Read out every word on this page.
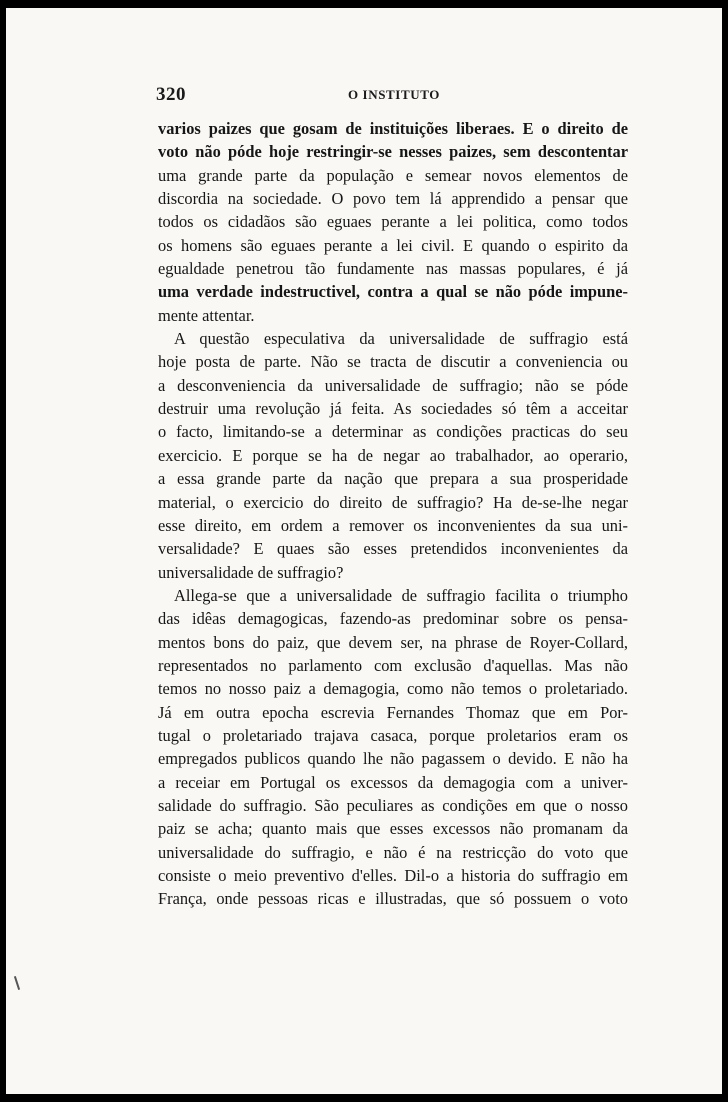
320	O INSTITUTO
varios paizes que gosam de instituições liberaes. E o direito de
voto não póde hoje restringir-se nesses paizes, sem descontentar
uma grande parte da população e semear novos elementos de
discordia na sociedade. O povo tem lá apprendido a pensar que
todos os cidadãos são eguaes perante a lei politica, como todos
os homens são eguaes perante a lei civil. E quando o espirito da
egualdade penetrou tão fundamente nas massas populares, é já
uma verdade indestructivel, contra a qual se não póde impune-
mente attentar.
A questão especulativa da universalidade de suffragio está
hoje posta de parte. Não se tracta de discutir a conveniencia ou
a desconveniencia da universalidade de suffragio; não se póde
destruir uma revolução já feita. As sociedades só têm a acceitar
o facto, limitando-se a determinar as condições practicas do seu
exercicio. E porque se ha de negar ao trabalhador, ao operario,
a essa grande parte da nação que prepara a sua prosperidade
material, o exercicio do direito de suffragio? Ha de-se-lhe negar
esse direito, em ordem a remover os inconvenientes da sua uni-
versalidade? E quaes são esses pretendidos inconvenientes da
universalidade de suffragio?
Allega-se que a universalidade de suffragio facilita o triumpho
das idêas demagogicas, fazendo-as predominar sobre os pensa-
mentos bons do paiz, que devem ser, na phrase de Royer-Collard,
representados no parlamento com exclusão d'aquellas. Mas não
temos no nosso paiz a demagogia, como não temos o proletariado.
Já em outra epocha escrevia Fernandes Thomaz que em Por-
tugal o proletariado trajava casaca, porque proletarios eram os
empregados publicos quando lhe não pagassem o devido. E não ha
a receiar em Portugal os excessos da demagogia com a univer-
salidade do suffragio. São peculiares as condições em que o nosso
paiz se acha; quanto mais que esses excessos não promanam da
universalidade do suffragio, e não é na restricção do voto que
consiste o meio preventivo d'elles. Dil-o a historia do suffragio em
França, onde pessoas ricas e illustradas, que só possuem o voto
